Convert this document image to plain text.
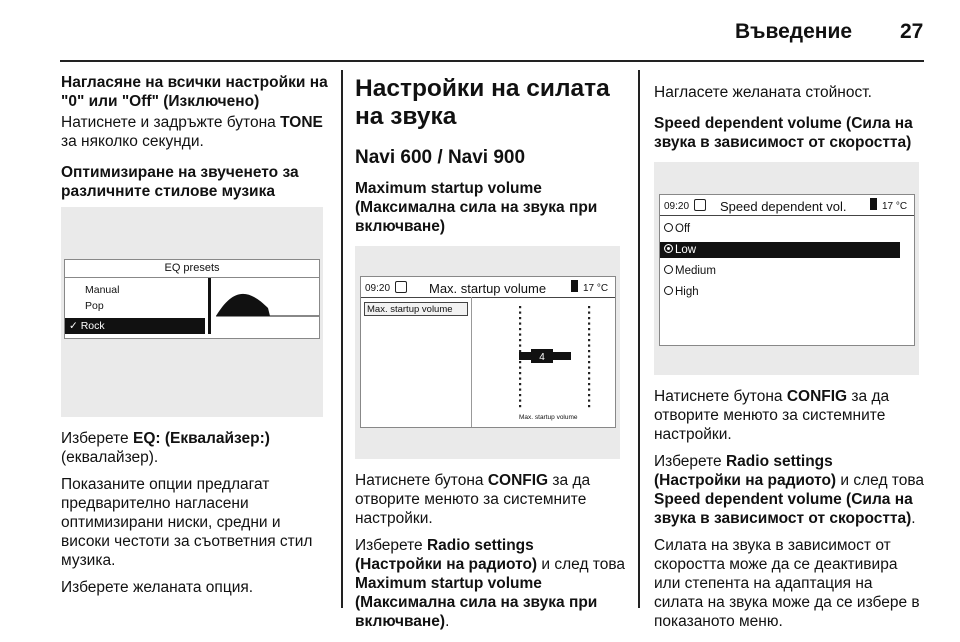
Въведение 27

Нагласяне на всички настройки на "0" или "Off" (Изключено)

Натиснете и задръжте бутона TONE за няколко секунди.

Оптимизиране на звученето за различните стилове музика

EQ presets
Manual
Pop
✓ Rock

Изберете EQ: (Еквалайзер:) (еквалайзер).

Показаните опции предлагат предварително нагласени оптимизирани ниски, средни и високи честоти за съответния стил музика.

Изберете желаната опция.

Настройки на силата на звука
Navi 600 / Navi 900

Maximum startup volume (Максимална сила на звука при включване)

09:20	Max. startup volume	17 °C
Max. startup volume
4
Max. startup volume

Натиснете бутона CONFIG за да отворите менюто за системните настройки.

Изберете Radio settings (Настройки на радиото) и след това Maximum startup volume (Максимална сила на звука при включване).

Нагласете желаната стойност.

Speed dependent volume (Сила на звука в зависимост от скоростта)

09:20 Speed dependent vol.	17 °C
Off
Low
Medium
High

Натиснете бутона CONFIG за да отворите менюто за системните настройки.

Изберете Radio settings (Настройки на радиото) и след това Speed dependent volume (Сила на звука в зависимост от скоростта).

Силата на звука в зависимост от скоростта може да се деактивира или степента на адаптация на силата на звука може да се избере в показаното меню.
